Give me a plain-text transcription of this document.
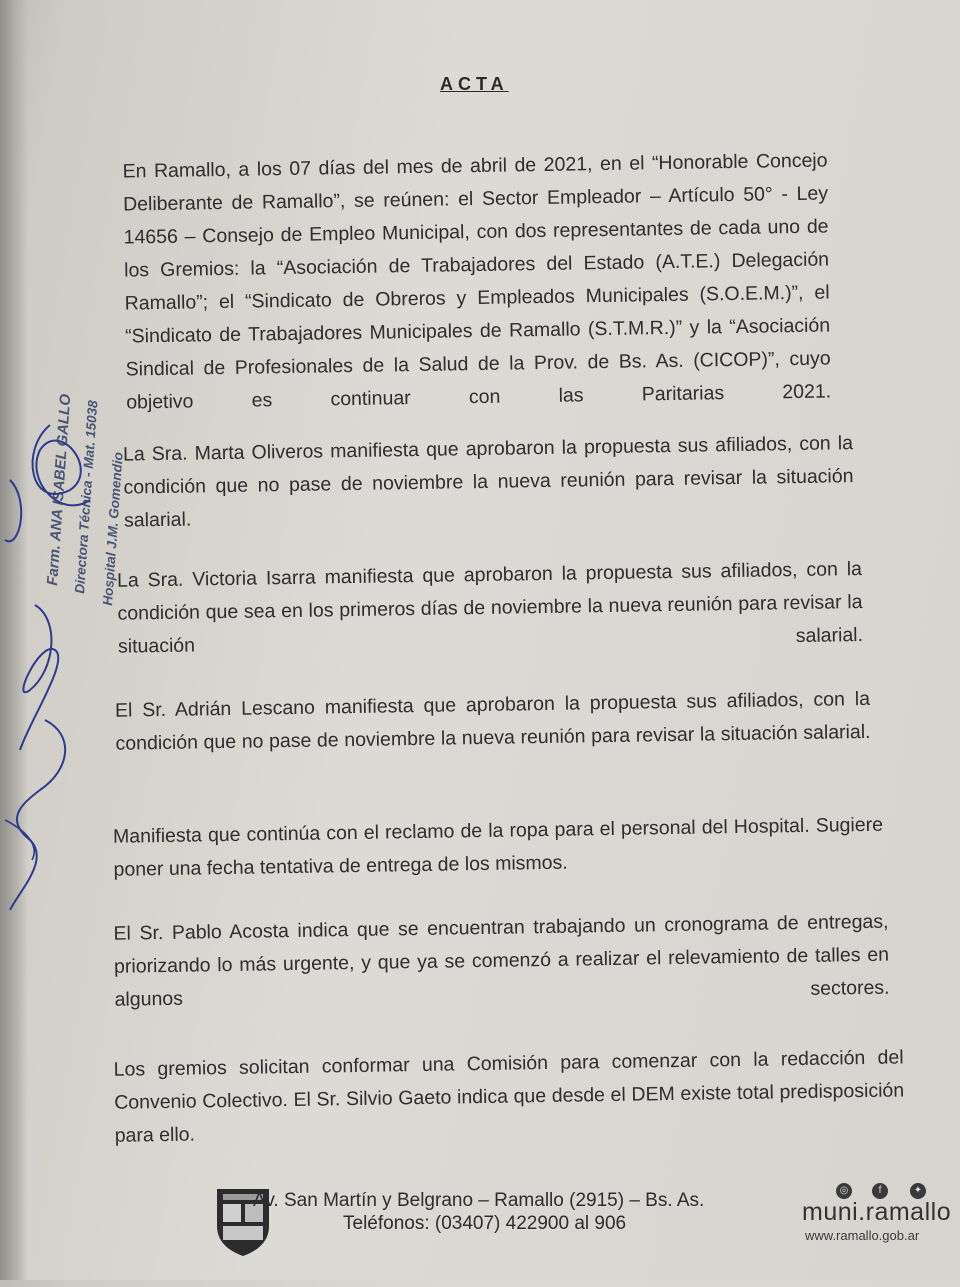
ACTA
Farm. ANA ISABEL GALLO
Directora Técnica - Mat. 15038 Hospital J.M. Gomendio
En Ramallo, a los 07 días del mes de abril de 2021, en el “Honorable Concejo Deliberante de Ramallo”, se reúnen: el Sector Empleador – Artículo 50° - Ley 14656 – Consejo de Empleo Municipal, con dos representantes de cada uno de los Gremios: la “Asociación de Trabajadores del Estado (A.T.E.) Delegación Ramallo”; el “Sindicato de Obreros y Empleados Municipales (S.O.E.M.)”, el “Sindicato de Trabajadores Municipales de Ramallo (S.T.M.R.)” y la “Asociación Sindical de Profesionales de la Salud de la Prov. de Bs. As. (CICOP)”, cuyo objetivo es continuar con las Paritarias 2021.
La Sra. Marta Oliveros manifiesta que aprobaron la propuesta sus afiliados, con la condición que no pase de noviembre la nueva reunión para revisar la situación salarial.
La Sra. Victoria Isarra manifiesta que aprobaron la propuesta sus afiliados, con la condición que sea en los primeros días de noviembre la nueva reunión para revisar la situación salarial.
El Sr. Adrián Lescano manifiesta que aprobaron la propuesta sus afiliados, con la condición que no pase de noviembre la nueva reunión para revisar la situación salarial.
Manifiesta que continúa con el reclamo de la ropa para el personal del Hospital. Sugiere poner una fecha tentativa de entrega de los mismos.
El Sr. Pablo Acosta indica que se encuentran trabajando un cronograma de entregas, priorizando lo más urgente, y que ya se comenzó a realizar el relevamiento de talles en algunos sectores.
Los gremios solicitan conformar una Comisión para comenzar con la redacción del Convenio Colectivo. El Sr. Silvio Gaeto indica que desde el DEM existe total predisposición para ello.
Av. San Martín y Belgrano – Ramallo (2915) – Bs. As.
Teléfonos: (03407) 422900 al 906
◎	f	✦
muni.ramallo
www.ramallo.gob.ar
